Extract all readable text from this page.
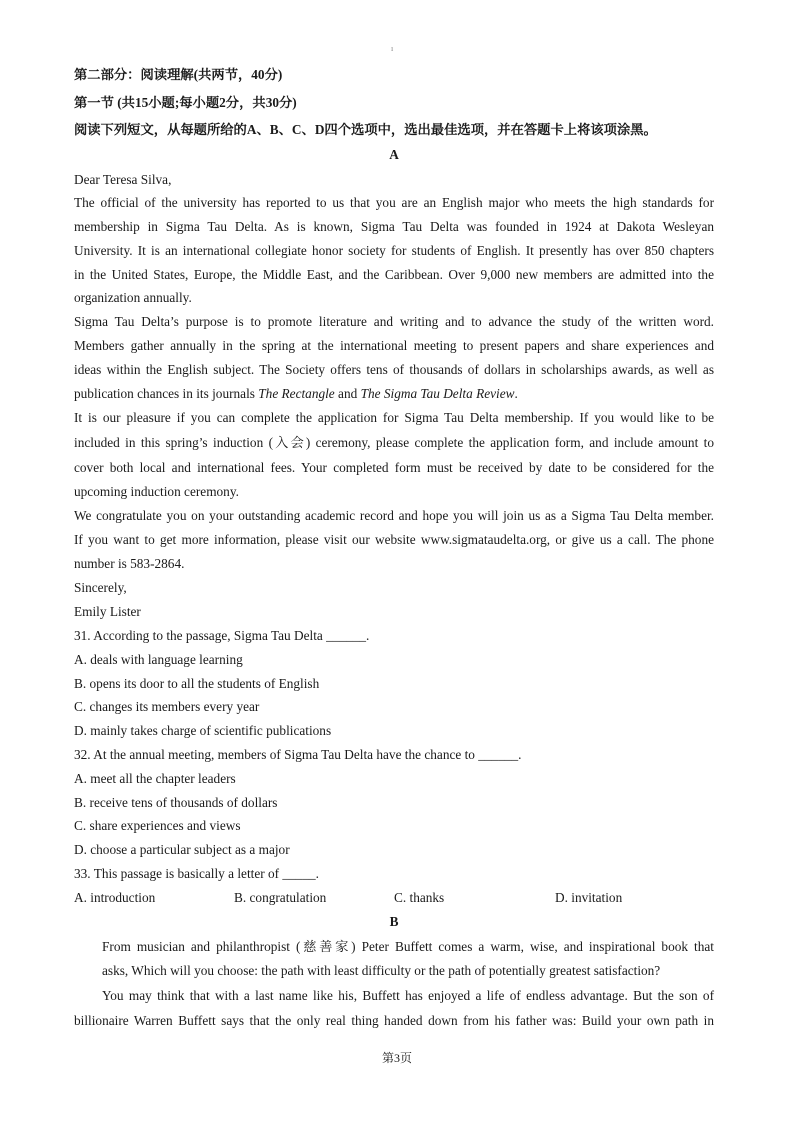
ı
第二部分：阅读理解(共两节，40分)
第一节 (共15小题;每小题2分，共30分)
阅读下列短文，从每题所给的A、B、C、D四个选项中，选出最佳选项，并在答题卡上将该项涂黑。
A
Dear Teresa Silva,
The official of the university has reported to us that you are an English major who meets the high standards for
membership in Sigma Tau Delta. As is known, Sigma Tau Delta was founded in 1924 at Dakota Wesleyan
University. It is an international collegiate honor society for students of English. It presently has over 850 chapters
in the United States, Europe, the Middle East, and the Caribbean. Over 9,000 new members are admitted into the
organization annually.
Sigma Tau Delta’s purpose is to promote literature and writing and to advance the study of the written word.
Members gather annually in the spring at the international meeting to present papers and share experiences and
ideas within the English subject. The Society offers tens of thousands of dollars in scholarships awards, as well as
publication chances in its journals The Rectangle and The Sigma Tau Delta Review.
It is our pleasure if you can complete the application for Sigma Tau Delta membership. If you would like to be
included in this spring’s induction (入会) ceremony, please complete the application form, and include amount to
cover both local and international fees. Your completed form must be received by date to be considered for the
upcoming induction ceremony.
We congratulate you on your outstanding academic record and hope you will join us as a Sigma Tau Delta member.
If you want to get more information, please visit our website www.sigmataudelta.org, or give us a call. The phone
number is 583-2864.
Sincerely,
Emily Lister
31. According to the passage, Sigma Tau Delta ______.
A. deals with language learning
B. opens its door to all the students of English
C. changes its members every year
D. mainly takes charge of scientific publications
32. At the annual meeting, members of Sigma Tau Delta have the chance to ______.
A. meet all the chapter leaders
B. receive tens of thousands of dollars
C. share experiences and views
D. choose a particular subject as a major
33. This passage is basically a letter of _____.
A. introduction	B. congratulation	C. thanks	D. invitation
B
From musician and philanthropist (慈善家) Peter Buffett comes a warm, wise, and inspirational book that
asks, Which will you choose: the path with least difficulty or the path of potentially greatest satisfaction?
You may think that with a last name like his, Buffett has enjoyed a life of endless advantage. But the son of
billionaire Warren Buffett says that the only real thing handed down from his father was: Build your own path in
第3页
